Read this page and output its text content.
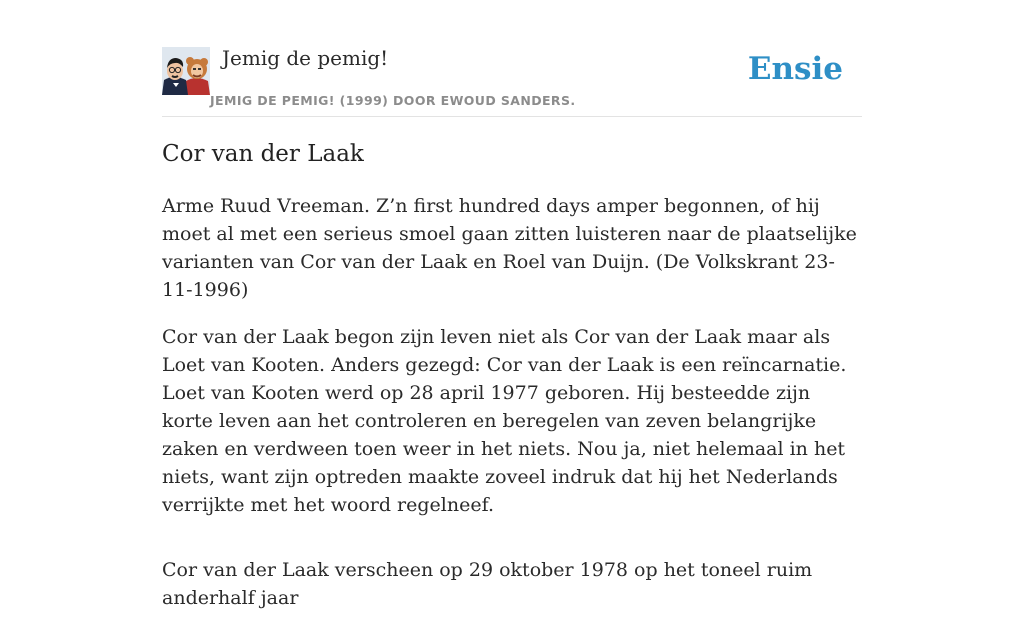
Jemig de pemig!
JEMIG DE PEMIG! (1999) DOOR EWOUD SANDERS.
Ensie
Cor van der Laak

Arme Ruud Vreeman. Z’n first hundred days amper begonnen, of hij moet al met een serieus smoel gaan zitten luisteren naar de plaatselijke varianten van Cor van der Laak en Roel van Duijn. (De Volkskrant 23-11-1996)

Cor van der Laak begon zijn leven niet als Cor van der Laak maar als Loet van Kooten. Anders gezegd: Cor van der Laak is een reïncarnatie. Loet van Kooten werd op 28 april 1977 geboren. Hij besteedde zijn korte leven aan het controleren en beregelen van zeven belangrijke zaken en verdween toen weer in het niets. Nou ja, niet helemaal in het niets, want zijn optreden maakte zoveel indruk dat hij het Nederlands verrijkte met het woord regelneef.

Cor van der Laak verscheen op 29 oktober 1978 op het toneel ruim anderhalf jaar
